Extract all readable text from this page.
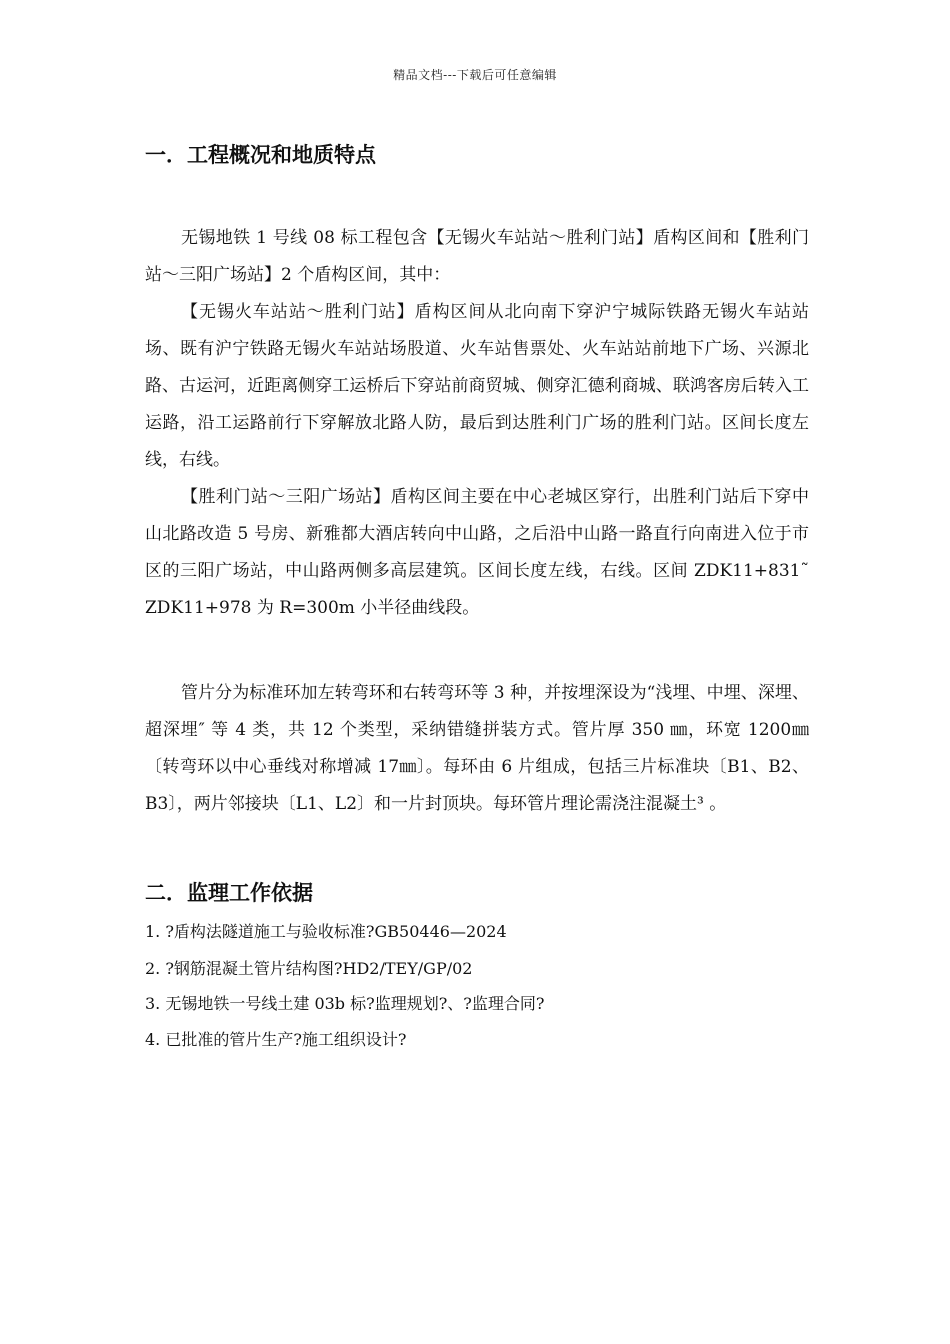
精品文档---下载后可任意编辑
一．工程概况和地质特点

无锡地铁 1 号线 08 标工程包含【无锡火车站站～胜利门站】盾构区间和【胜利门站～三阳广场站】2 个盾构区间，其中：

【无锡火车站站～胜利门站】盾构区间从北向南下穿沪宁城际铁路无锡火车站站场、既有沪宁铁路无锡火车站站场股道、火车站售票处、火车站站前地下广场、兴源北路、古运河，近距离侧穿工运桥后下穿站前商贸城、侧穿汇德利商城、联鸿客房后转入工运路，沿工运路前行下穿解放北路人防，最后到达胜利门广场的胜利门站。区间长度左线，右线。

【胜利门站～三阳广场站】盾构区间主要在中心老城区穿行，出胜利门站后下穿中山北路改造 5 号房、新雅都大酒店转向中山路，之后沿中山路一路直行向南进入位于市区的三阳广场站，中山路两侧多高层建筑。区间长度左线，右线。区间 ZDK11+831˜ ZDK11+978 为 R=300m 小半径曲线段。

管片分为标准环加左转弯环和右转弯环等 3 种，并按埋深设为“浅埋、中埋、深埋、超深埋″ 等 4 类，共 12 个类型，采纳错缝拼装方式。管片厚 350 ㎜，环宽 1200㎜〔转弯环以中心垂线对称增减 17㎜〕。每环由 6 片组成，包括三片标准块〔B1、B2、B3〕，两片邻接块〔L1、L2〕和一片封顶块。每环管片理论需浇注混凝土³ 。

二．监理工作依据
1. ?盾构法隧道施工与验收标准?GB50446—2024
2. ?钢筋混凝土管片结构图?HD2/TEY/GP/02
3. 无锡地铁一号线土建 03b 标?监理规划?、?监理合同?
4. 已批准的管片生产?施工组织设计?
